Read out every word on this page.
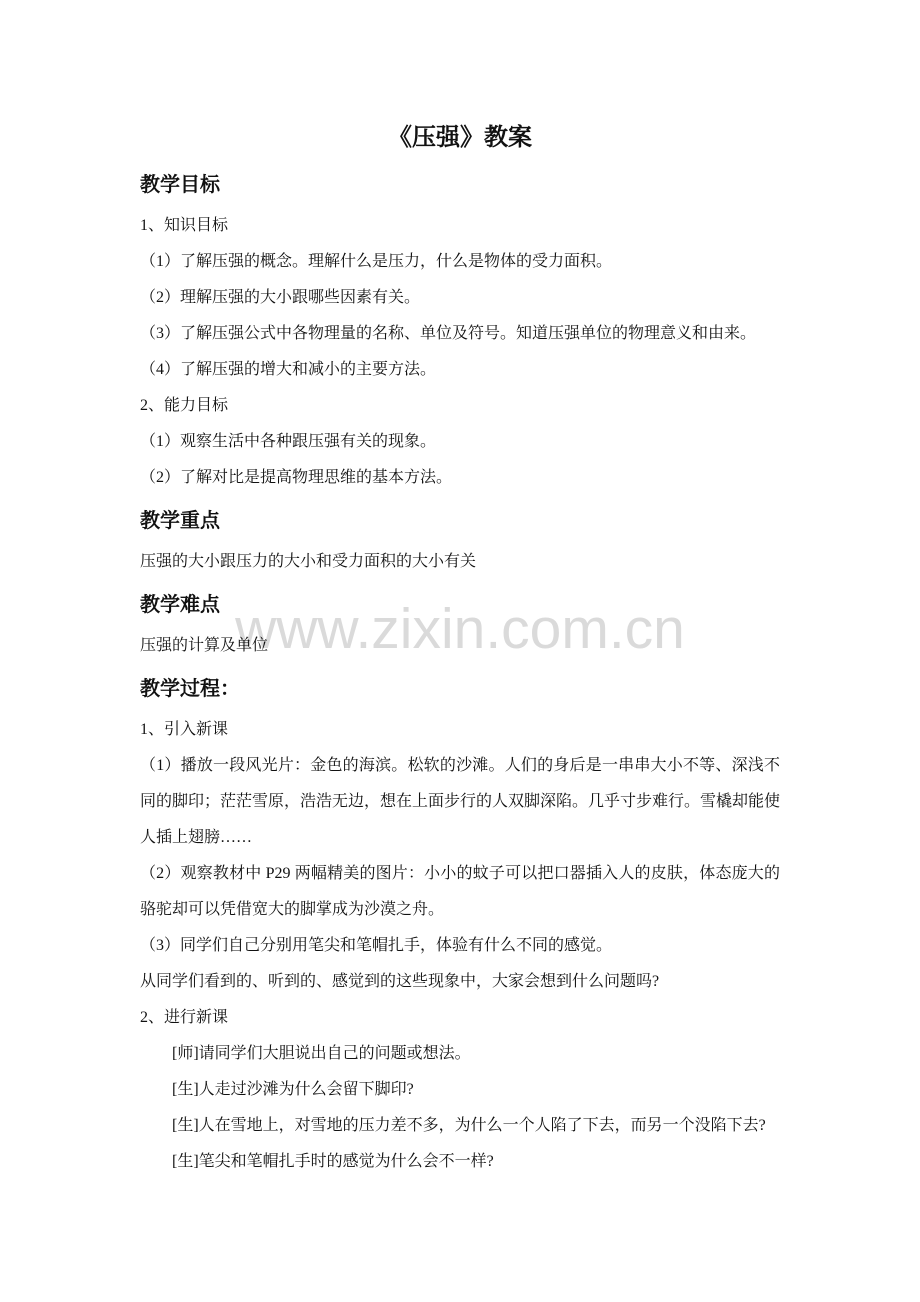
www.zixin.com.cn
《压强》教案
教学目标
1、知识目标
（1）了解压强的概念。理解什么是压力，什么是物体的受力面积。
（2）理解压强的大小跟哪些因素有关。
（3）了解压强公式中各物理量的名称、单位及符号。知道压强单位的物理意义和由来。
（4）了解压强的增大和减小的主要方法。
2、能力目标
（1）观察生活中各种跟压强有关的现象。
（2）了解对比是提高物理思维的基本方法。
教学重点
压强的大小跟压力的大小和受力面积的大小有关
教学难点
压强的计算及单位
教学过程：
1、引入新课
（1）播放一段风光片：金色的海滨。松软的沙滩。人们的身后是一串串大小不等、深浅不
同的脚印；茫茫雪原，浩浩无边，想在上面步行的人双脚深陷。几乎寸步难行。雪橇却能使
人插上翅膀……
（2）观察教材中 P29 两幅精美的图片：小小的蚊子可以把口器插入人的皮肤，体态庞大的
骆驼却可以凭借宽大的脚掌成为沙漠之舟。
（3）同学们自己分别用笔尖和笔帽扎手，体验有什么不同的感觉。
从同学们看到的、听到的、感觉到的这些现象中，大家会想到什么问题吗?
2、进行新课
[师]请同学们大胆说出自己的问题或想法。
[生]人走过沙滩为什么会留下脚印?
[生]人在雪地上，对雪地的压力差不多，为什么一个人陷了下去，而另一个没陷下去?
[生]笔尖和笔帽扎手时的感觉为什么会不一样?
